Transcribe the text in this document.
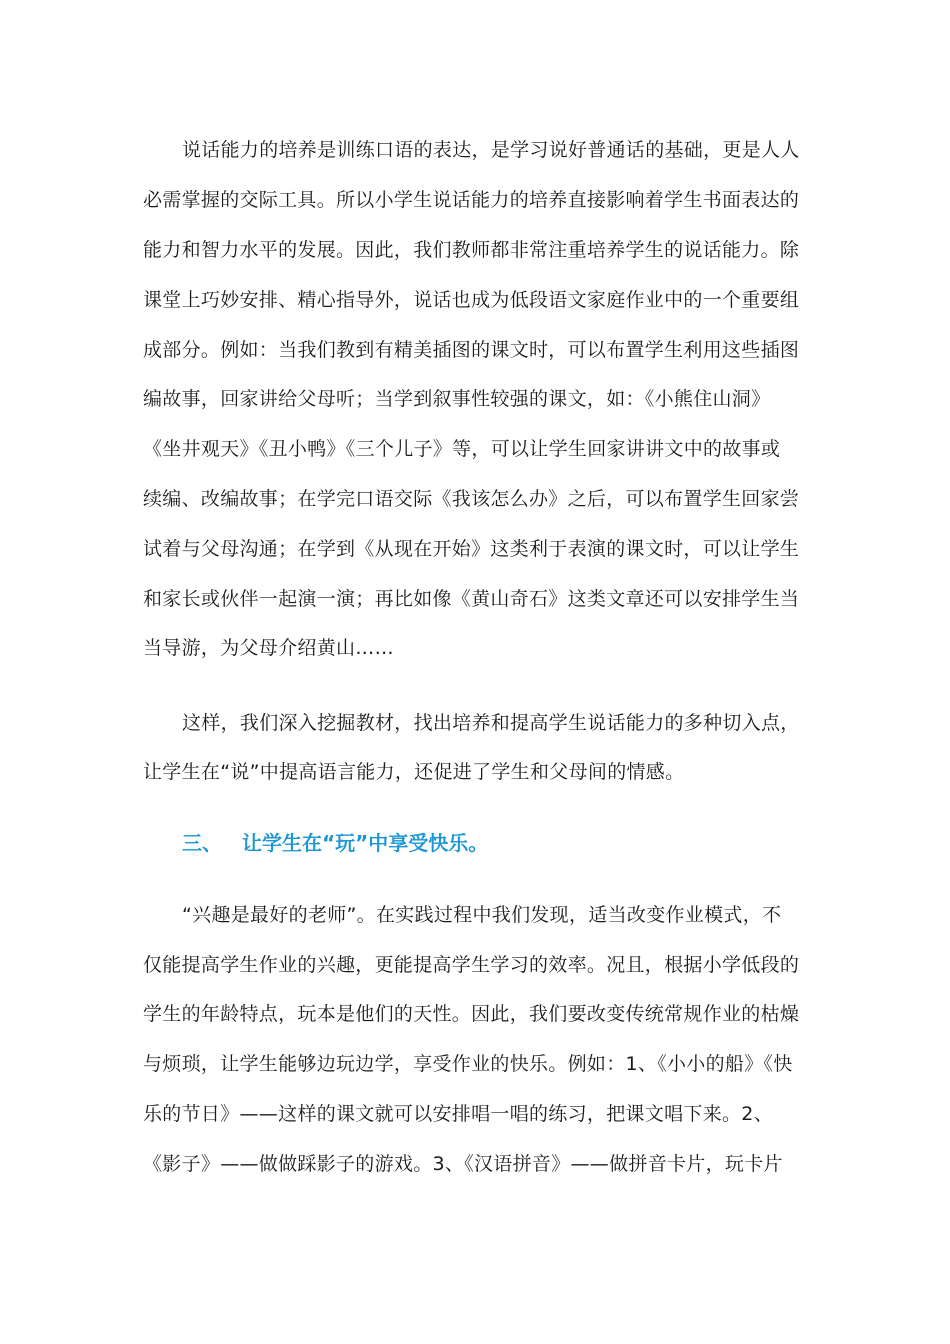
说话能力的培养是训练口语的表达，是学习说好普通话的基础，更是人人
必需掌握的交际工具。所以小学生说话能力的培养直接影响着学生书面表达的
能力和智力水平的发展。因此，我们教师都非常注重培养学生的说话能力。除
课堂上巧妙安排、精心指导外，说话也成为低段语文家庭作业中的一个重要组
成部分。例如：当我们教到有精美插图的课文时，可以布置学生利用这些插图
编故事，回家讲给父母听；当学到叙事性较强的课文，如：《小熊住山洞》
《坐井观天》《丑小鸭》《三个儿子》等，可以让学生回家讲讲文中的故事或
续编、改编故事；在学完口语交际《我该怎么办》之后，可以布置学生回家尝
试着与父母沟通；在学到《从现在开始》这类利于表演的课文时，可以让学生
和家长或伙伴一起演一演；再比如像《黄山奇石》这类文章还可以安排学生当
当导游，为父母介绍黄山……
这样，我们深入挖掘教材，找出培养和提高学生说话能力的多种切入点，
让学生在“说”中提高语言能力，还促进了学生和父母间的情感。
三、 让学生在“玩”中享受快乐。
“兴趣是最好的老师”。在实践过程中我们发现，适当改变作业模式，不
仅能提高学生作业的兴趣，更能提高学生学习的效率。况且，根据小学低段的
学生的年龄特点，玩本是他们的天性。因此，我们要改变传统常规作业的枯燥
与烦琐，让学生能够边玩边学，享受作业的快乐。例如：1、《小小的船》《快
乐的节日》——这样的课文就可以安排唱一唱的练习，把课文唱下来。2、
《影子》——做做踩影子的游戏。3、《汉语拼音》——做拼音卡片，玩卡片
